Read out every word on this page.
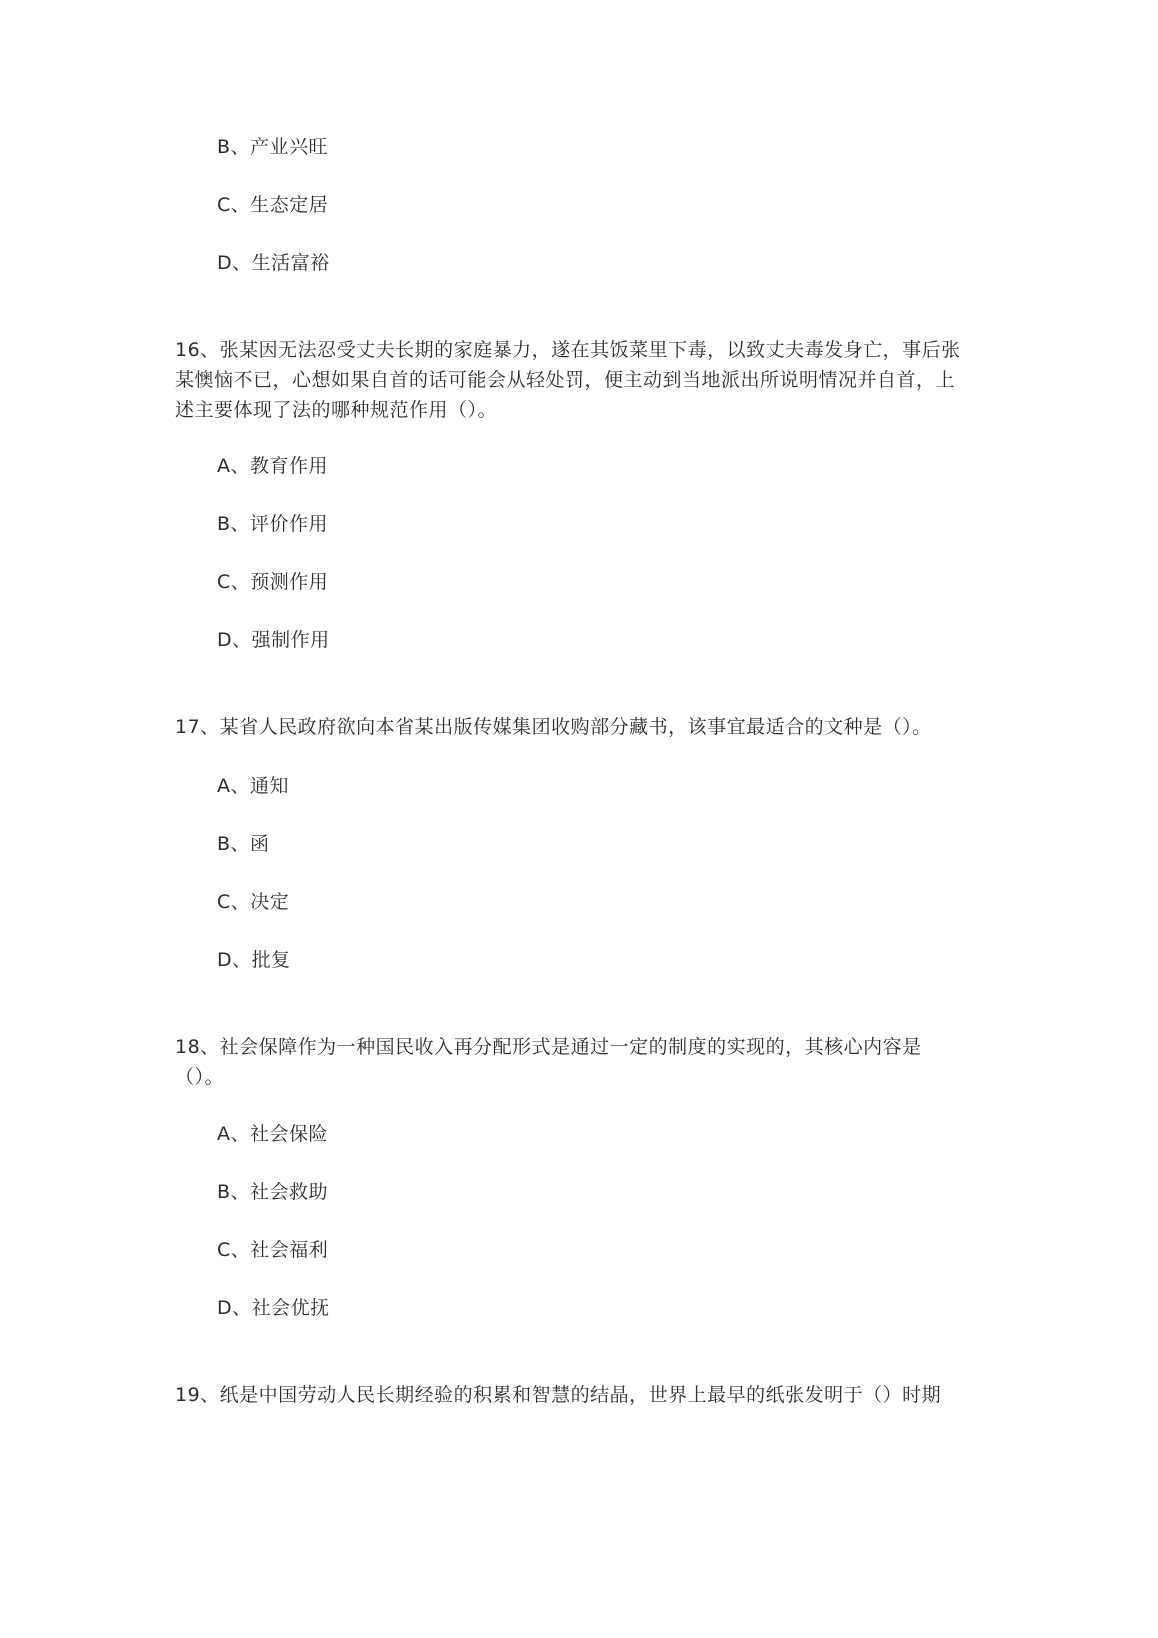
B、产业兴旺
C、生态定居
D、生活富裕
16、张某因无法忍受丈夫长期的家庭暴力，遂在其饭菜里下毒，以致丈夫毒发身亡，事后张某懊恼不已，心想如果自首的话可能会从轻处罚，便主动到当地派出所说明情况并自首，上述主要体现了法的哪种规范作用（）。
A、教育作用
B、评价作用
C、预测作用
D、强制作用
17、某省人民政府欲向本省某出版传媒集团收购部分藏书，该事宜最适合的文种是（）。
A、通知
B、函
C、决定
D、批复
18、社会保障作为一种国民收入再分配形式是通过一定的制度的实现的，其核心内容是（）。
A、社会保险
B、社会救助
C、社会福利
D、社会优抚
19、纸是中国劳动人民长期经验的积累和智慧的结晶，世界上最早的纸张发明于（）时期
